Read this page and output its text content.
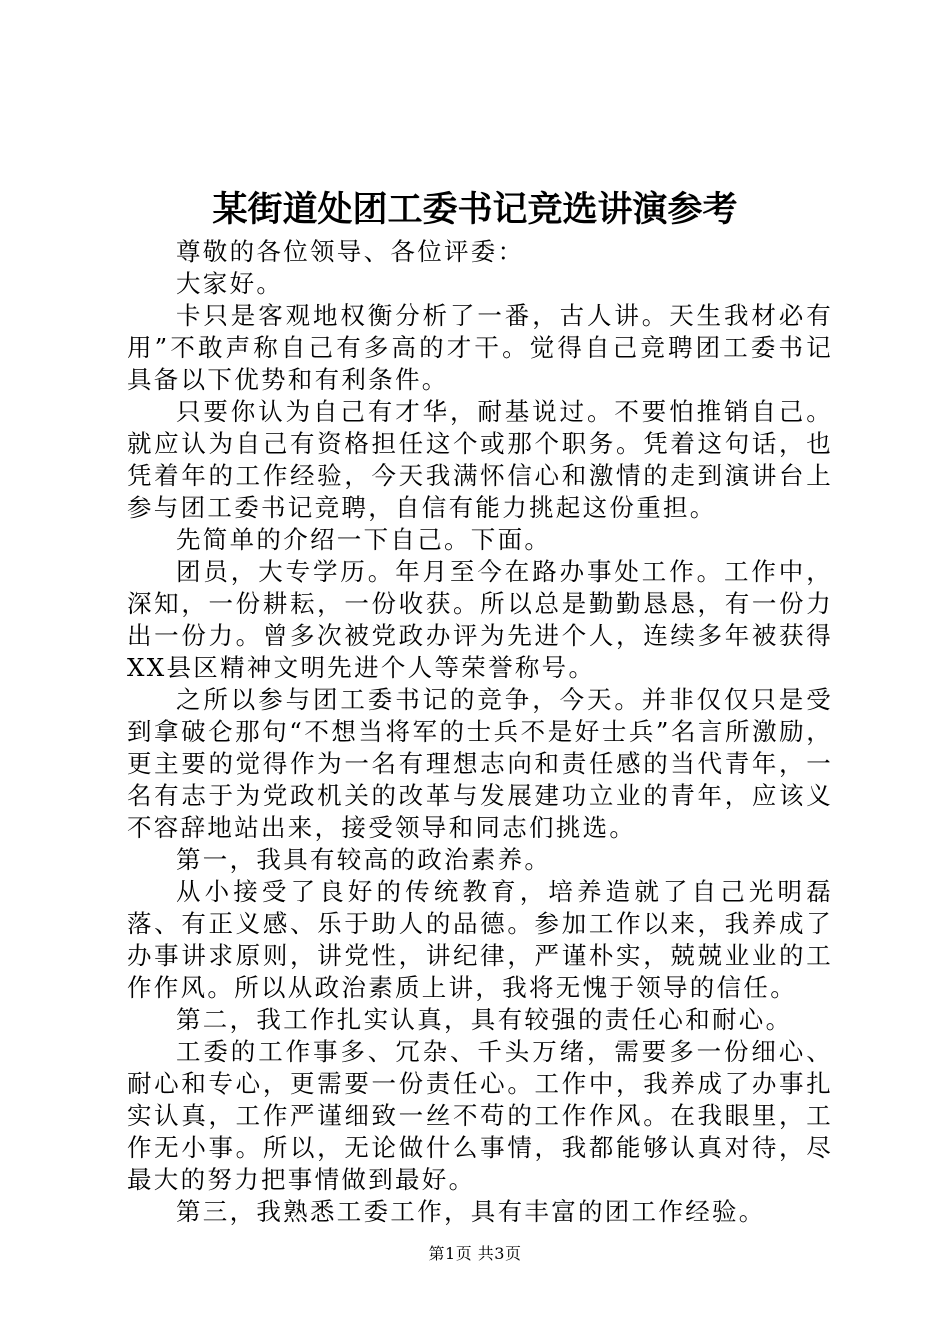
某街道处团工委书记竞选讲演参考

尊敬的各位领导、各位评委：

大家好。

卡只是客观地权衡分析了一番，古人讲。天生我材必有用”不敢声称自己有多高的才干。觉得自己竞聘团工委书记具备以下优势和有利条件。

只要你认为自己有才华，耐基说过。不要怕推销自己。就应认为自己有资格担任这个或那个职务。凭着这句话，也凭着年的工作经验，今天我满怀信心和激情的走到演讲台上参与团工委书记竞聘，自信有能力挑起这份重担。

先简单的介绍一下自己。下面。

团员，大专学历。年月至今在路办事处工作。工作中，深知，一份耕耘，一份收获。所以总是勤勤恳恳，有一份力出一份力。曾多次被党政办评为先进个人，连续多年被获得XX县区精神文明先进个人等荣誉称号。

之所以参与团工委书记的竞争，今天。并非仅仅只是受到拿破仑那句“不想当将军的士兵不是好士兵”名言所激励，更主要的觉得作为一名有理想志向和责任感的当代青年，一名有志于为党政机关的改革与发展建功立业的青年，应该义不容辞地站出来，接受领导和同志们挑选。

第一，我具有较高的政治素养。

从小接受了良好的传统教育，培养造就了自己光明磊落、有正义感、乐于助人的品德。参加工作以来，我养成了办事讲求原则，讲党性，讲纪律，严谨朴实，兢兢业业的工作作风。所以从政治素质上讲，我将无愧于领导的信任。

第二，我工作扎实认真，具有较强的责任心和耐心。

工委的工作事多、冗杂、千头万绪，需要多一份细心、耐心和专心，更需要一份责任心。工作中，我养成了办事扎实认真，工作严谨细致一丝不苟的工作作风。在我眼里，工作无小事。所以，无论做什么事情，我都能够认真对待，尽最大的努力把事情做到最好。

第三，我熟悉工委工作，具有丰富的团工作经验。

第1页 共3页
